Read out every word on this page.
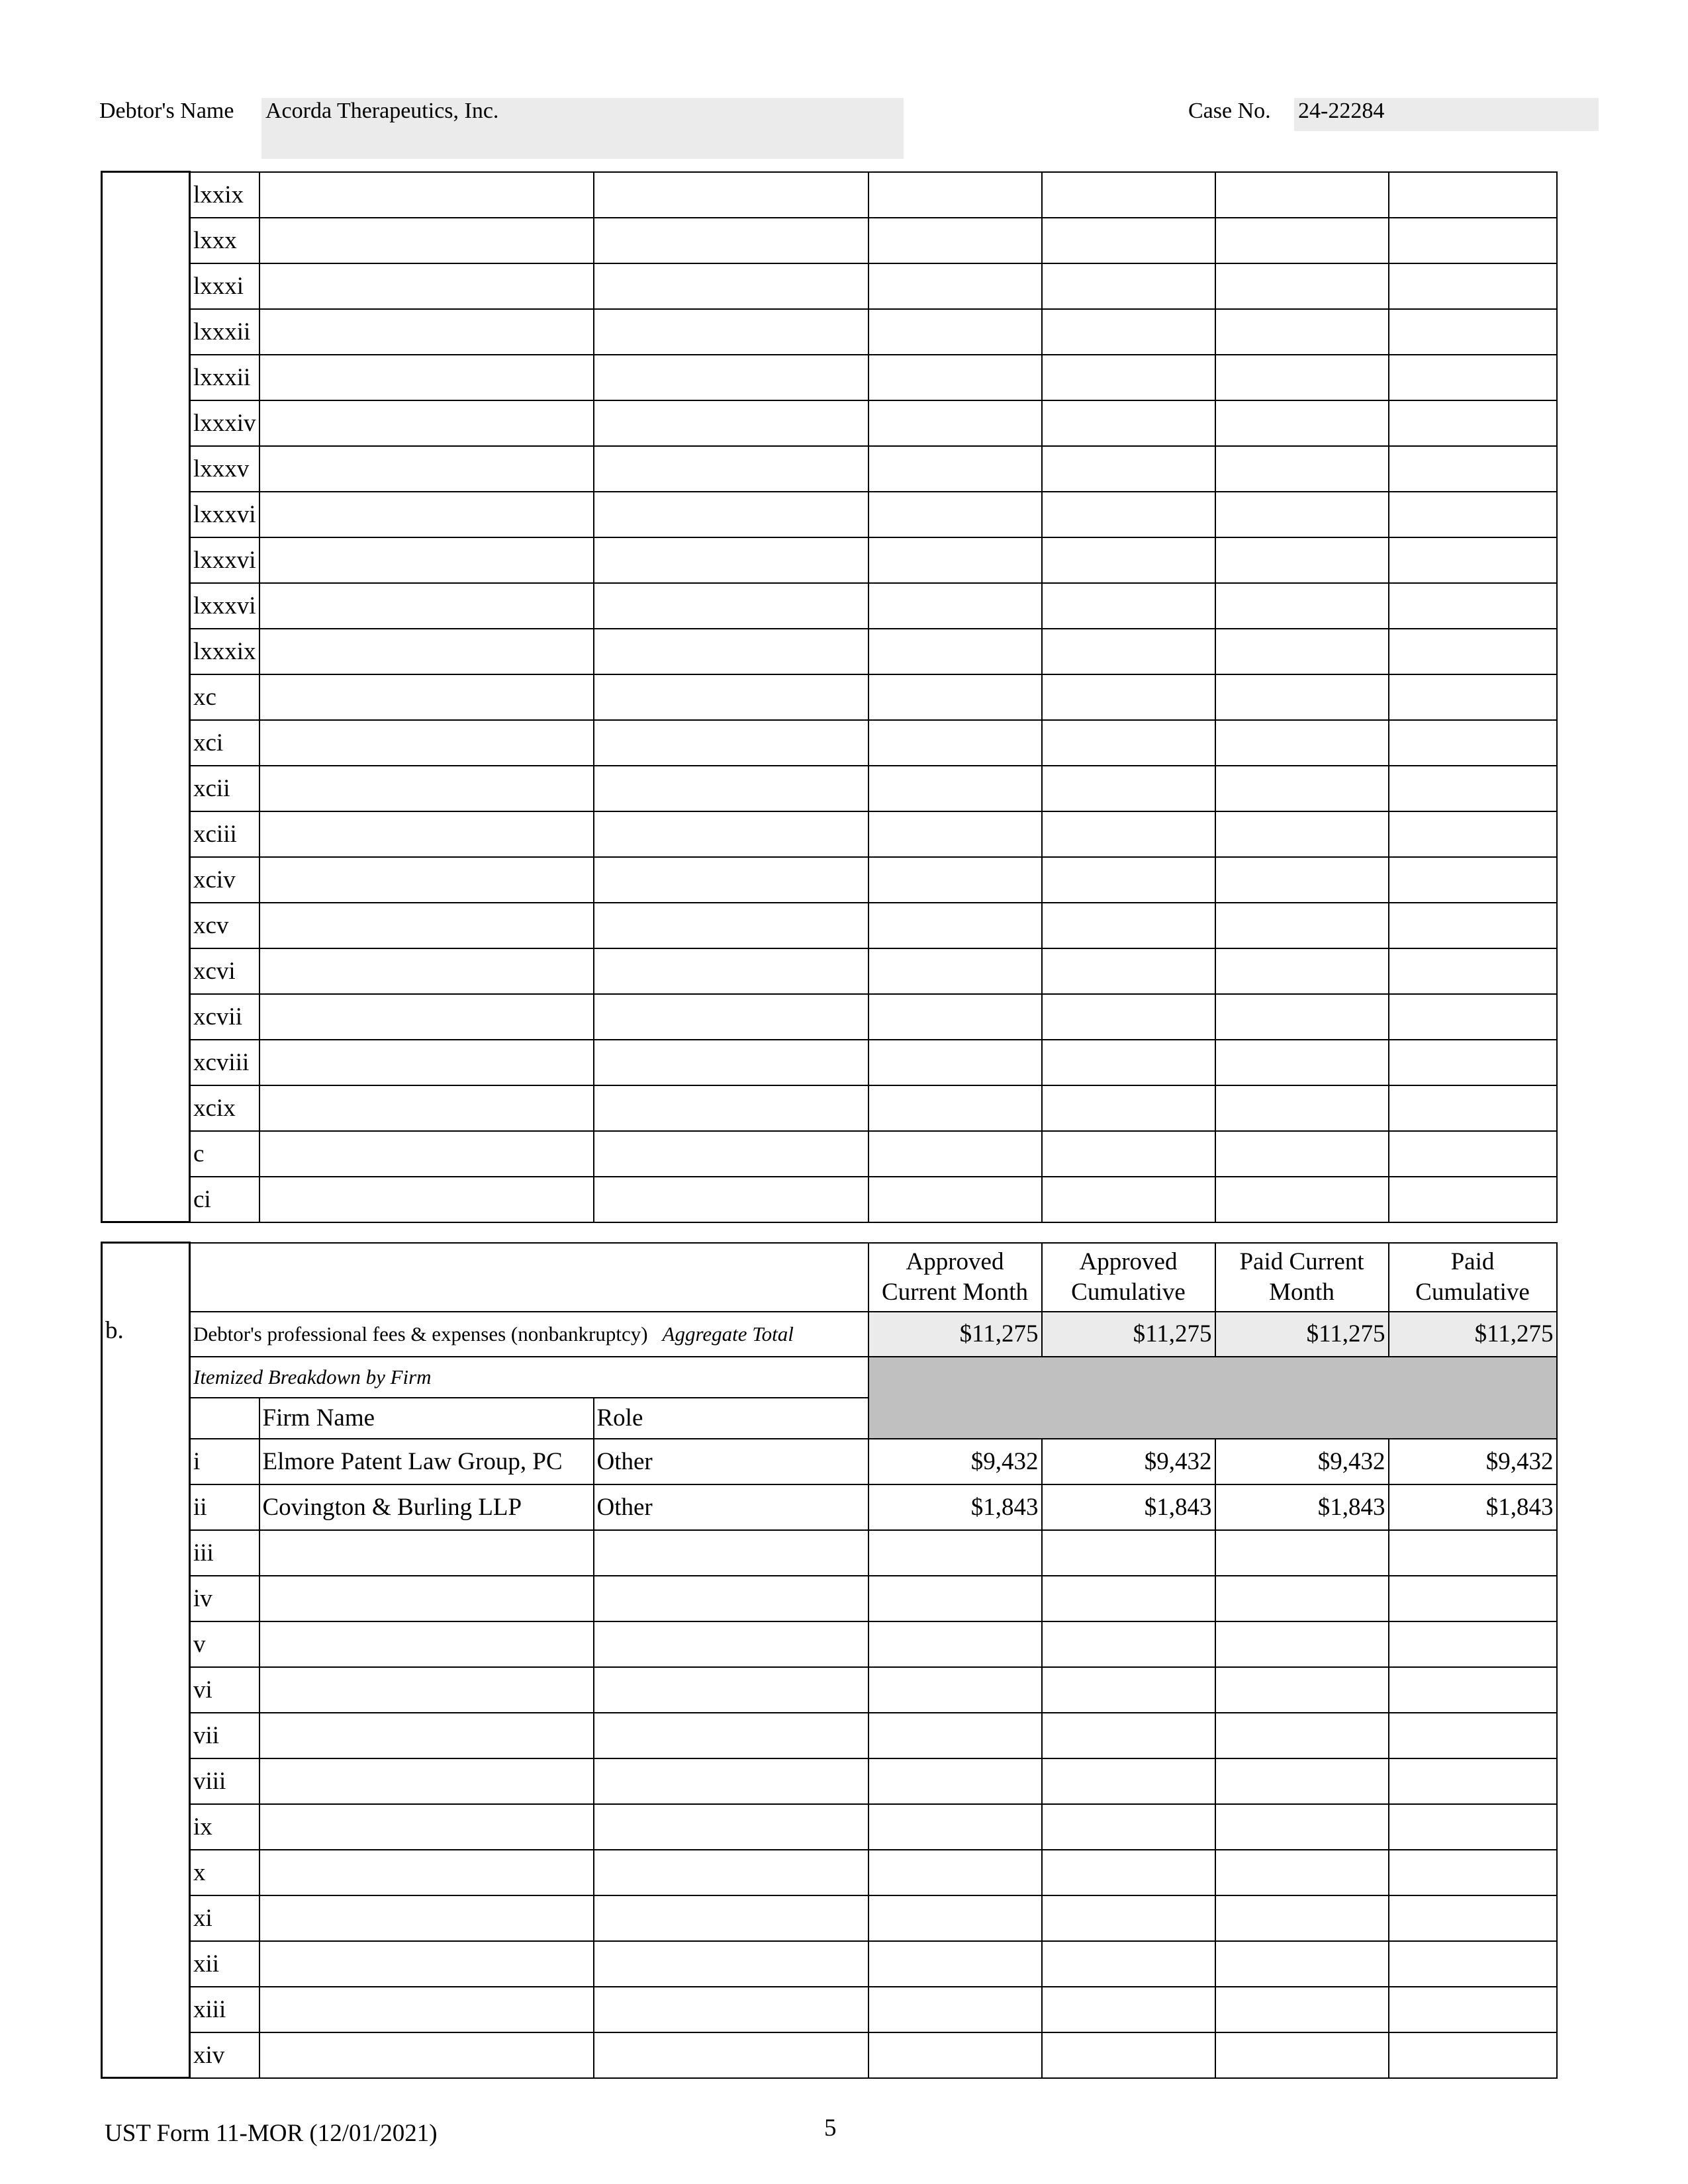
Debtor's Name Acorda Therapeutics, Inc.	Case No. 24-22284
	lxxix						
	lxxx						
	lxxxi						
	lxxxii						
	lxxxii						
	lxxxiv						
	lxxxv						
	lxxxvi						
	lxxxvi						
	lxxxvi						
	lxxxix						
	xc						
	xci						
	xcii						
	xciii						
	xciv						
	xcv						
	xcvi						
	xcvii						
	xcviii						
	xcix						
	c						
	ci						
b.				Approved Current Month	Approved Cumulative	Paid Current Month	Paid Cumulative
	Debtor's professional fees & expenses (nonbankruptcy) Aggregate Total			$11,275	$11,275	$11,275	$11,275
	Itemized Breakdown by Firm						
		Firm Name	Role				
	i	Elmore Patent Law Group, PC	Other	$9,432	$9,432	$9,432	$9,432
	ii	Covington & Burling LLP	Other	$1,843	$1,843	$1,843	$1,843
	iii						
	iv						
	v						
	vi						
	vii						
	viii						
	ix						
	x						
	xi						
	xii						
	xiii						
	xiv						
UST Form 11-MOR (12/01/2021)	5
